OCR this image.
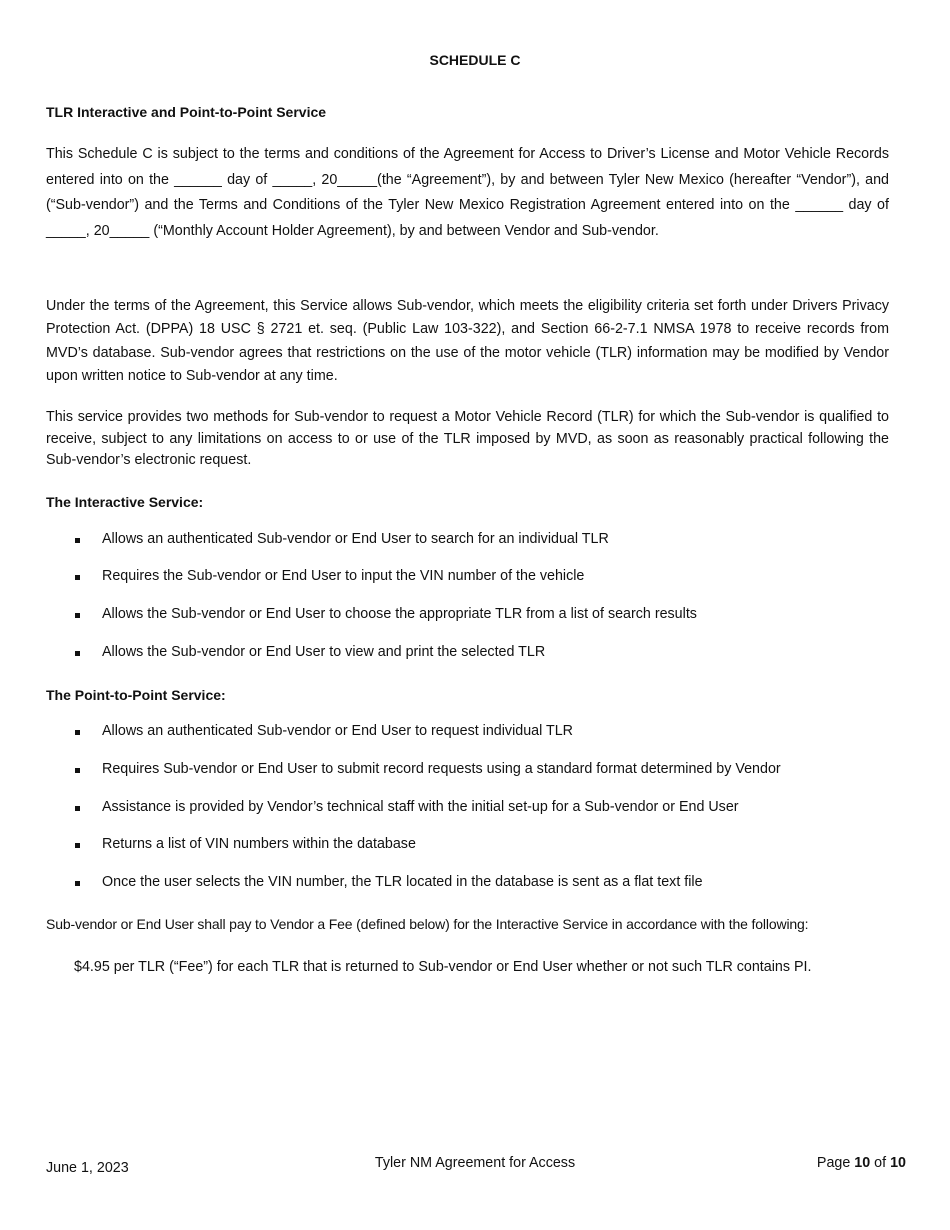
SCHEDULE C
TLR Interactive and Point-to-Point Service

This Schedule C is subject to the terms and conditions of the Agreement for Access to Driver’s License and Motor Vehicle Records entered into on the ______ day of _____, 20_____(the “Agreement”), by and between Tyler New Mexico (hereafter “Vendor”), and (“Sub-vendor”) and the Terms and Conditions of the Tyler New Mexico Registration Agreement entered into on the ______ day of _____, 20_____ (“Monthly Account Holder Agreement), by and between Vendor and Sub-vendor.

Under the terms of the Agreement, this Service allows Sub-vendor, which meets the eligibility criteria set forth under Drivers Privacy Protection Act. (DPPA) 18 USC § 2721 et. seq. (Public Law 103-322), and Section 66-2-7.1 NMSA 1978 to receive records from MVD’s database. Sub-vendor agrees that restrictions on the use of the motor vehicle (TLR) information may be modified by Vendor upon written notice to Sub-vendor at any time.

This service provides two methods for Sub-vendor to request a Motor Vehicle Record (TLR) for which the Sub-vendor is qualified to receive, subject to any limitations on access to or use of the TLR imposed by MVD, as soon as reasonably practical following the Sub-vendor’s electronic request.

The Interactive Service:
Allows an authenticated Sub-vendor or End User to search for an individual TLR
Requires the Sub-vendor or End User to input the VIN number of the vehicle
Allows the Sub-vendor or End User to choose the appropriate TLR from a list of search results
Allows the Sub-vendor or End User to view and print the selected TLR
The Point-to-Point Service:
Allows an authenticated Sub-vendor or End User to request individual TLR
Requires Sub-vendor or End User to submit record requests using a standard format determined by Vendor
Assistance is provided by Vendor’s technical staff with the initial set-up for a Sub-vendor or End User
Returns a list of VIN numbers within the database
Once the user selects the VIN number, the TLR located in the database is sent as a flat text file
Sub-vendor or End User shall pay to Vendor a Fee (defined below) for the Interactive Service in accordance with the following:

$4.95 per TLR (“Fee”) for each TLR that is returned to Sub-vendor or End User whether or not such TLR contains PI.

June 1, 2023	Tyler NM Agreement for Access	Page 10 of 10
